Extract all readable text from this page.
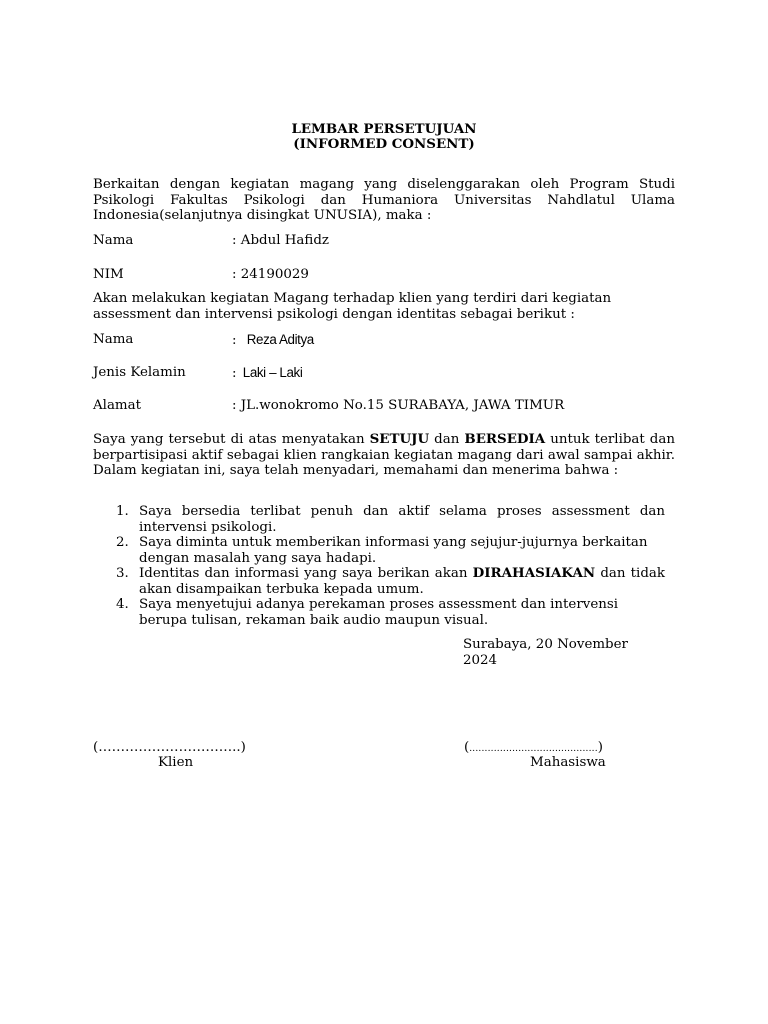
LEMBAR PERSETUJUAN
(INFORMED CONSENT)
Berkaitan dengan kegiatan magang yang diselenggarakan oleh Program Studi Psikologi Fakultas Psikologi dan Humaniora Universitas Nahdlatul Ulama Indonesia(selanjutnya disingkat UNUSIA), maka :
Nama	: Abdul Hafidz
NIM	: 24190029
Akan melakukan kegiatan Magang terhadap klien yang terdiri dari kegiatan assessment dan intervensi psikologi dengan identitas sebagai berikut :
Nama	: Reza Aditya
Jenis Kelamin	: Laki – Laki
Alamat	: JL.wonokromo No.15 SURABAYA, JAWA TIMUR
Saya yang tersebut di atas menyatakan SETUJU dan BERSEDIA untuk terlibat dan berpartisipasi aktif sebagai klien rangkaian kegiatan magang dari awal sampai akhir. Dalam kegiatan ini, saya telah menyadari, memahami dan menerima bahwa :
1. Saya bersedia terlibat penuh dan aktif selama proses assessment dan intervensi psikologi.
2. Saya diminta untuk memberikan informasi yang sejujur-jujurnya berkaitan dengan masalah yang saya hadapi.
3. Identitas dan informasi yang saya berikan akan DIRAHASIAKAN dan tidak akan disampaikan terbuka kepada umum.
4. Saya menyetujui adanya perekaman proses assessment dan intervensi berupa tulisan, rekaman baik audio maupun visual.
Surabaya, 20 November
2024
(…………………………..)	(..........................................)
Klien	Mahasiswa
